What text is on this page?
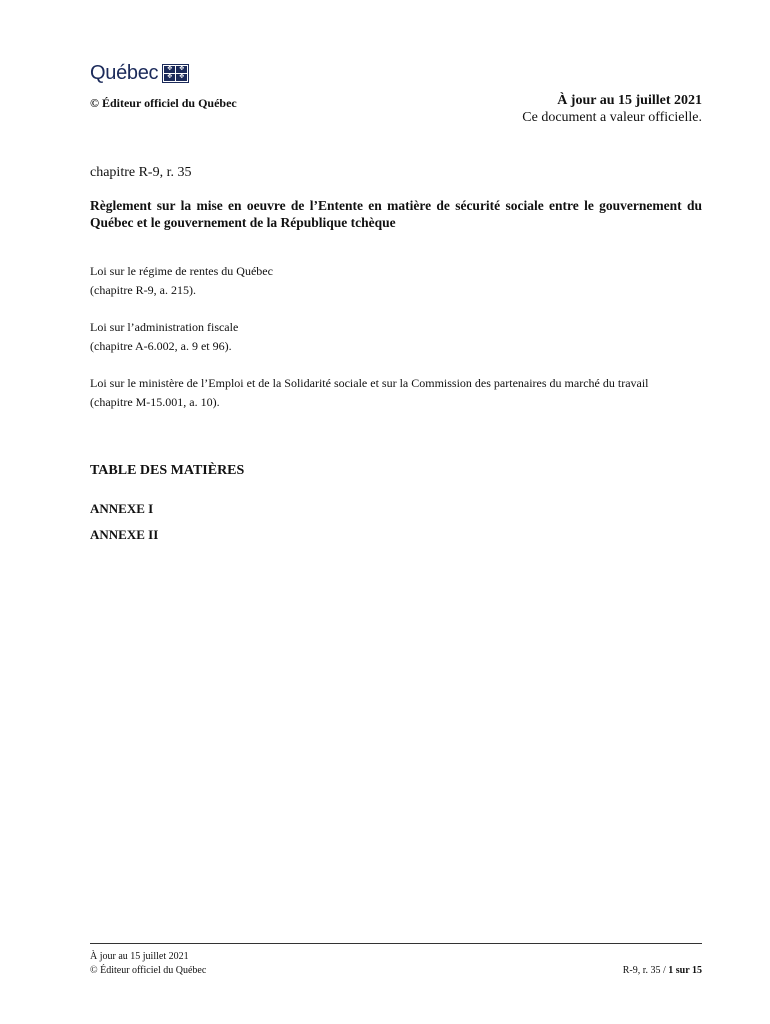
Québec	✥	✥
✥	✥
© Éditeur officiel du Québec	À jour au 15 juillet 2021
Ce document a valeur officielle.
chapitre R-9, r. 35
Règlement sur la mise en oeuvre de l’Entente en matière de sécurité sociale entre le gouvernement du Québec et le gouvernement de la République tchèque
Loi sur le régime de rentes du Québec
(chapitre R-9, a. 215).
Loi sur l’administration fiscale
(chapitre A-6.002, a. 9 et 96).
Loi sur le ministère de l’Emploi et de la Solidarité sociale et sur la Commission des partenaires du marché du travail
(chapitre M-15.001, a. 10).
TABLE DES MATIÈRES
ANNEXE I
ANNEXE II
À jour au 15 juillet 2021
© Éditeur officiel du Québec	R-9, r. 35 / 1 sur 15
